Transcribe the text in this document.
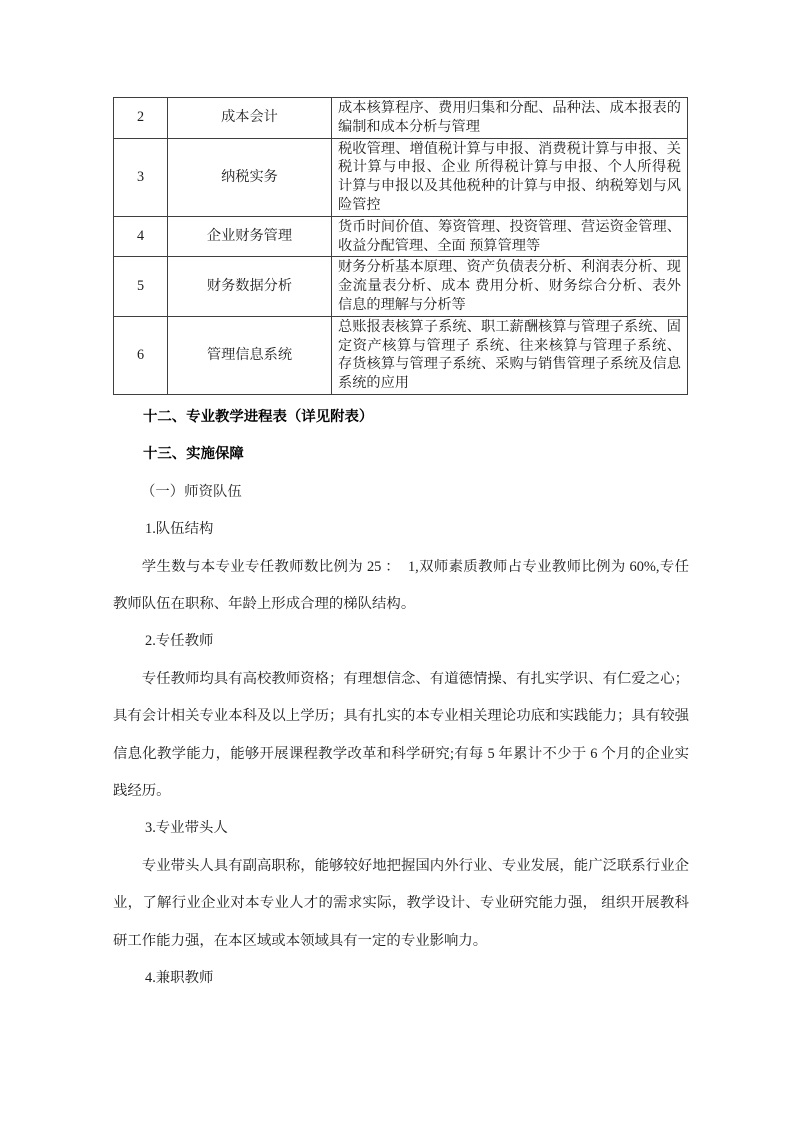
2	成本会计	成本核算程序、费用归集和分配、品种法、成本报表的编制和成本分析与管理
3	纳税实务	税收管理、增值税计算与申报、消费税计算与申报、关税计算与申报、企业 所得税计算与申报、个人所得税计算与申报以及其他税种的计算与申报、纳税筹划与风险管控
4	企业财务管理	货币时间价值、筹资管理、投资管理、营运资金管理、收益分配管理、全面 预算管理等
5	财务数据分析	财务分析基本原理、资产负债表分析、利润表分析、现金流量表分析、成本 费用分析、财务综合分析、表外信息的理解与分析等
6	管理信息系统	总账报表核算子系统、职工薪酬核算与管理子系统、固定资产核算与管理子 系统、往来核算与管理子系统、存货核算与管理子系统、采购与销售管理子系统及信息系统的应用

十二、专业教学进程表（详见附表）

十三、实施保障

（一）师资队伍

1.队伍结构

学生数与本专业专任教师数比例为 25 ：  1,双师素质教师占专业教师比例为 60%,专任教师队伍在职称、年龄上形成合理的梯队结构。

2.专任教师

专任教师均具有高校教师资格；有理想信念、有道德情操、有扎实学识、有仁爱之心；具有会计相关专业本科及以上学历；具有扎实的本专业相关理论功底和实践能力；具有较强信息化教学能力，能够开展课程教学改革和科学研究;有每 5 年累计不少于 6 个月的企业实践经历。

3.专业带头人

专业带头人具有副高职称，能够较好地把握国内外行业、专业发展，能广泛联系行业企业，了解行业企业对本专业人才的需求实际，教学设计、专业研究能力强， 组织开展教科研工作能力强，在本区域或本领域具有一定的专业影响力。

4.兼职教师
